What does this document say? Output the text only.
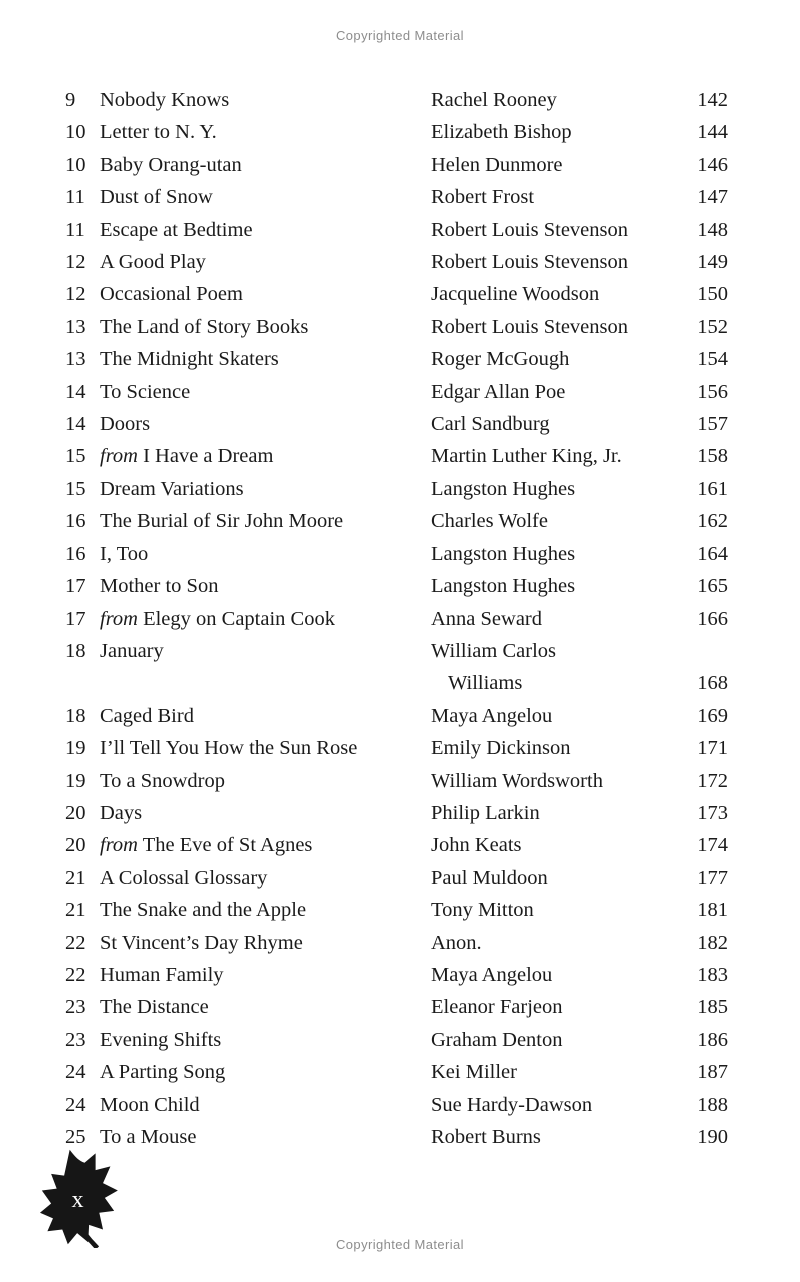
Copyrighted Material
9	Nobody Knows	Rachel Rooney	142
10 Letter to N. Y.	Elizabeth Bishop	144
10 Baby Orang-utan	Helen Dunmore	146
11 Dust of Snow	Robert Frost	147
11 Escape at Bedtime	Robert Louis Stevenson	148
12 A Good Play	Robert Louis Stevenson	149
12 Occasional Poem	Jacqueline Woodson	150
13 The Land of Story Books	Robert Louis Stevenson	152
13 The Midnight Skaters	Roger McGough	154
14 To Science	Edgar Allan Poe	156
14 Doors	Carl Sandburg	157
15 from I Have a Dream	Martin Luther King, Jr.	158
15 Dream Variations	Langston Hughes	161
16 The Burial of Sir John Moore	Charles Wolfe	162
16 I, Too	Langston Hughes	164
17 Mother to Son	Langston Hughes	165
17 from Elegy on Captain Cook	Anna Seward	166
18 January	William Carlos
Williams	168
18 Caged Bird	Maya Angelou	169
19 I’ll Tell You How the Sun Rose	Emily Dickinson	171
19 To a Snowdrop	William Wordsworth	172
20 Days	Philip Larkin	173
20 from The Eve of St Agnes	John Keats	174
21 A Colossal Glossary	Paul Muldoon	177
21 The Snake and the Apple	Tony Mitton	181
22 St Vincent’s Day Rhyme	Anon.	182
22 Human Family	Maya Angelou	183
23 The Distance	Eleanor Farjeon	185
23 Evening Shifts	Graham Denton	186
24 A Parting Song	Kei Miller	187
24 Moon Child	Sue Hardy-Dawson	188
25 To a Mouse	Robert Burns	190
x
Copyrighted Material
